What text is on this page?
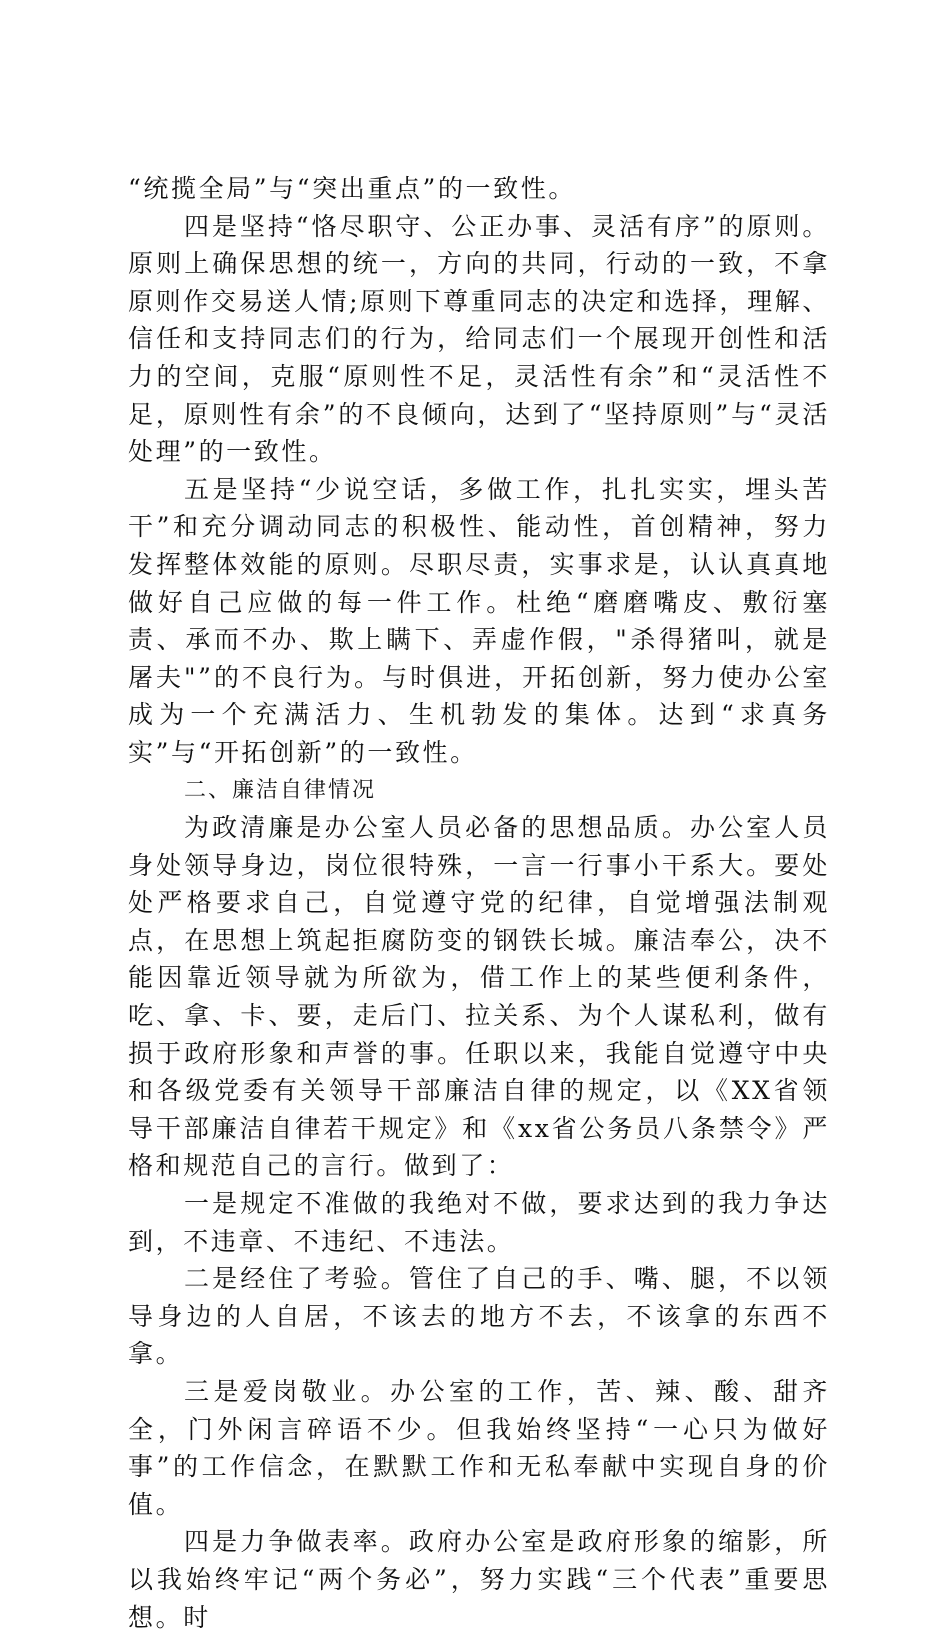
“统揽全局”与“突出重点”的一致性。

四是坚持“恪尽职守、公正办事、灵活有序”的原则。原则上确保思想的统一，方向的共同，行动的一致，不拿原则作交易送人情;原则下尊重同志的决定和选择，理解、信任和支持同志们的行为，给同志们一个展现开创性和活力的空间，克服“原则性不足，灵活性有余”和“灵活性不足，原则性有余”的不良倾向，达到了“坚持原则”与“灵活处理”的一致性。

五是坚持“少说空话，多做工作，扎扎实实，埋头苦干”和充分调动同志的积极性、能动性，首创精神，努力发挥整体效能的原则。尽职尽责，实事求是，认认真真地做好自己应做的每一件工作。杜绝“磨磨嘴皮、敷衍塞责、承而不办、欺上瞒下、弄虚作假，"杀得猪叫，就是屠夫"”的不良行为。与时俱进，开拓创新，努力使办公室成为一个充满活力、生机勃发的集体。达到“求真务实”与“开拓创新”的一致性。

二、廉洁自律情况

为政清廉是办公室人员必备的思想品质。办公室人员身处领导身边，岗位很特殊，一言一行事小干系大。要处处严格要求自己，自觉遵守党的纪律，自觉增强法制观点，在思想上筑起拒腐防变的钢铁长城。廉洁奉公，决不能因靠近领导就为所欲为，借工作上的某些便利条件，吃、拿、卡、要，走后门、拉关系、为个人谋私利，做有损于政府形象和声誉的事。任职以来，我能自觉遵守中央和各级党委有关领导干部廉洁自律的规定，以《XX省领导干部廉洁自律若干规定》和《xx省公务员八条禁令》严格和规范自己的言行。做到了：

一是规定不准做的我绝对不做，要求达到的我力争达到，不违章、不违纪、不违法。

二是经住了考验。管住了自己的手、嘴、腿，不以领导身边的人自居，不该去的地方不去，不该拿的东西不拿。

三是爱岗敬业。办公室的工作，苦、辣、酸、甜齐全，门外闲言碎语不少。但我始终坚持“一心只为做好事”的工作信念，在默默工作和无私奉献中实现自身的价值。

四是力争做表率。政府办公室是政府形象的缩影，所以我始终牢记“两个务必”，努力实践“三个代表”重要思想。时
